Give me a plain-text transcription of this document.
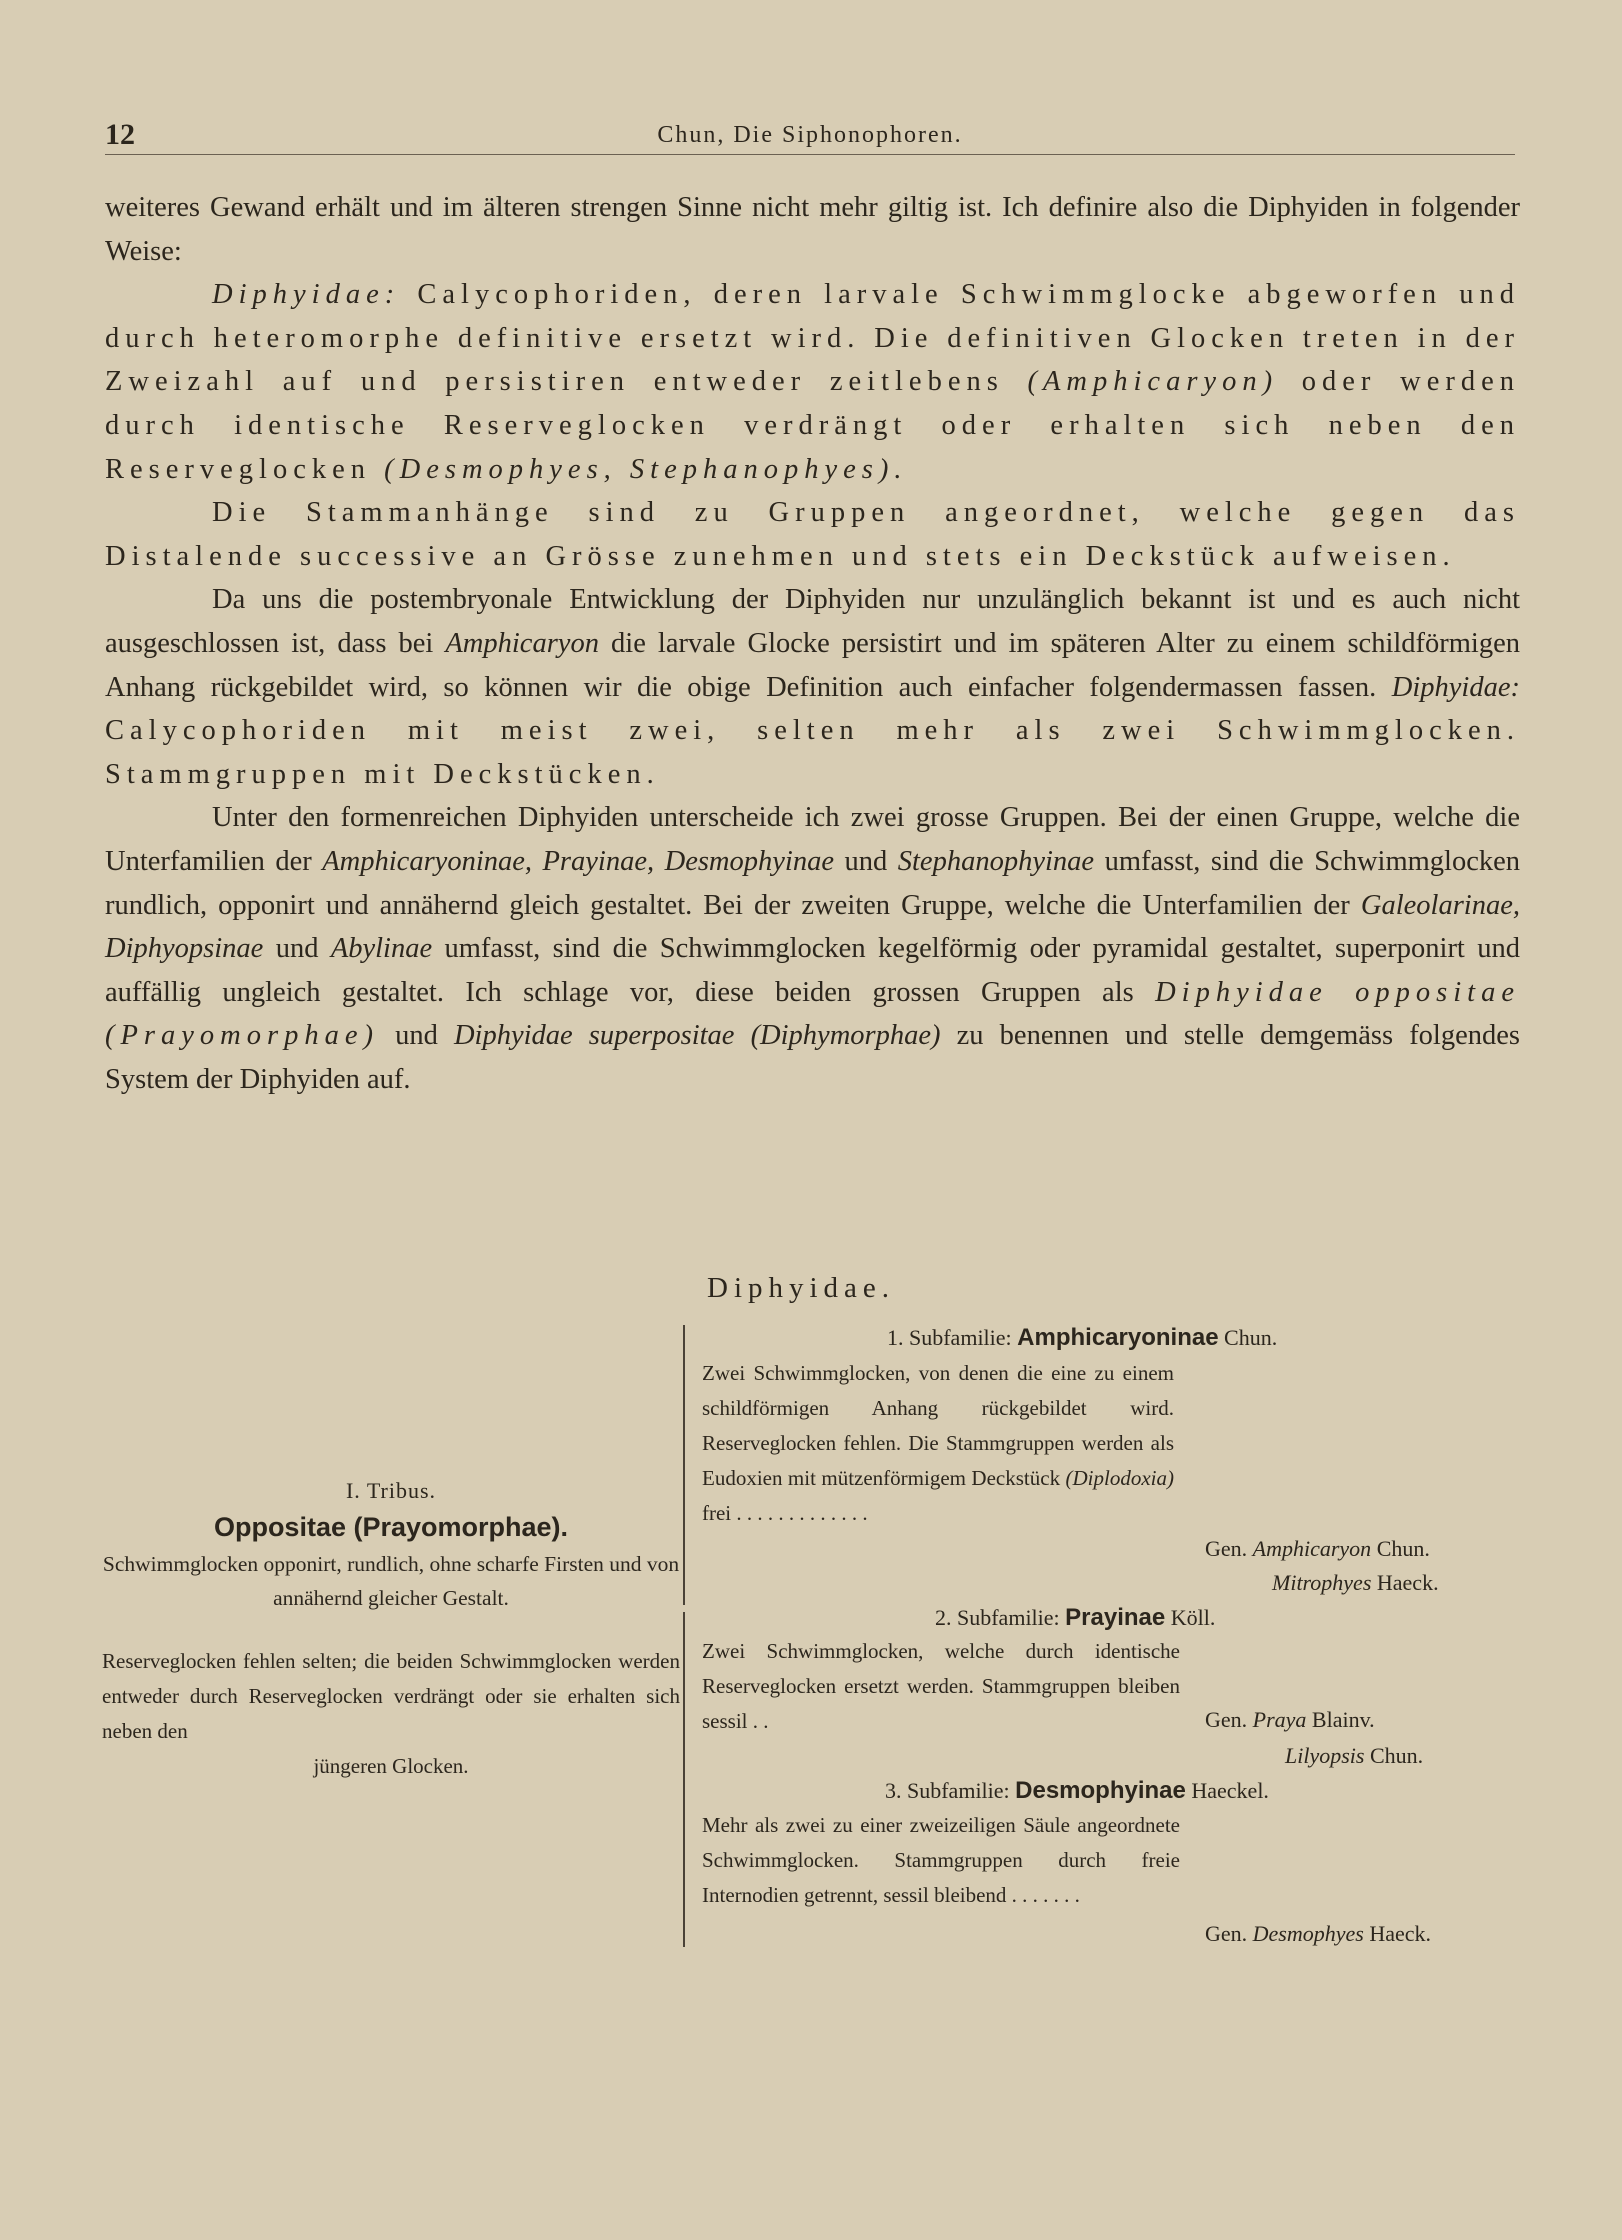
12	Chun, Die Siphonophoren.

weiteres Gewand erhält und im älteren strengen Sinne nicht mehr giltig ist. Ich definire also die Diphyiden in folgender Weise:

Diphyidae: Calycophoriden, deren larvale Schwimmglocke abgeworfen und durch heteromorphe definitive ersetzt wird. Die definitiven Glocken treten in der Zweizahl auf und persistiren entweder zeitlebens (Amphicaryon) oder werden durch identische Reserveglocken verdrängt oder erhalten sich neben den Reserveglocken (Desmophyes, Stephanophyes).

Die Stammanhänge sind zu Gruppen angeordnet, welche gegen das Distalende successive an Grösse zunehmen und stets ein Deckstück aufweisen.

Da uns die postembryonale Entwicklung der Diphyiden nur unzulänglich bekannt ist und es auch nicht ausgeschlossen ist, dass bei Amphicaryon die larvale Glocke persistirt und im späteren Alter zu einem schildförmigen Anhang rückgebildet wird, so können wir die obige Definition auch einfacher folgendermassen fassen. Diphyidae: Calycophoriden mit meist zwei, selten mehr als zwei Schwimmglocken. Stammgruppen mit Deckstücken.

Unter den formenreichen Diphyiden unterscheide ich zwei grosse Gruppen. Bei der einen Gruppe, welche die Unterfamilien der Amphicaryoninae, Prayinae, Desmophyinae und Stephanophyinae umfasst, sind die Schwimmglocken rundlich, opponirt und annähernd gleich gestaltet. Bei der zweiten Gruppe, welche die Unterfamilien der Galeolarinae, Diphyopsinae und Abylinae umfasst, sind die Schwimmglocken kegelförmig oder pyramidal gestaltet, superponirt und auffällig ungleich gestaltet. Ich schlage vor, diese beiden grossen Gruppen als Diphyidae oppositae (Prayomorphae) und Diphyidae superpositae (Diphymorphae) zu benennen und stelle demgemäss folgendes System der Diphyiden auf.

I. Tribus.
Oppositae (Prayomorphae).
Schwimmglocken opponirt, rundlich, ohne scharfe Firsten und von annähernd gleicher Gestalt.
Reserveglocken fehlen selten; die beiden Schwimmglocken werden entweder durch Reserveglocken verdrängt oder sie erhalten sich neben den
jüngeren Glocken.
Diphyidae.
1. Subfamilie: Amphicaryoninae Chun.
Zwei Schwimmglocken, von denen die eine zu einem schildförmigen Anhang rückgebildet wird. Reserveglocken fehlen. Die Stammgruppen werden als Eudoxien mit mützenförmigem Deckstück (Diplodoxia) frei . . . . . . . . . . . . .
Gen. Amphicaryon Chun.
Mitrophyes Haeck.
2. Subfamilie: Prayinae Köll.
Zwei Schwimmglocken, welche durch identische Reserveglocken ersetzt werden. Stammgruppen bleiben sessil . .	Gen. Praya Blainv.
Lilyopsis Chun.
3. Subfamilie: Desmophyinae Haeckel.
Mehr als zwei zu einer zweizeiligen Säule angeordnete Schwimmglocken. Stammgruppen durch freie Internodien getrennt, sessil bleibend . . . . . . .
Gen. Desmophyes Haeck.
